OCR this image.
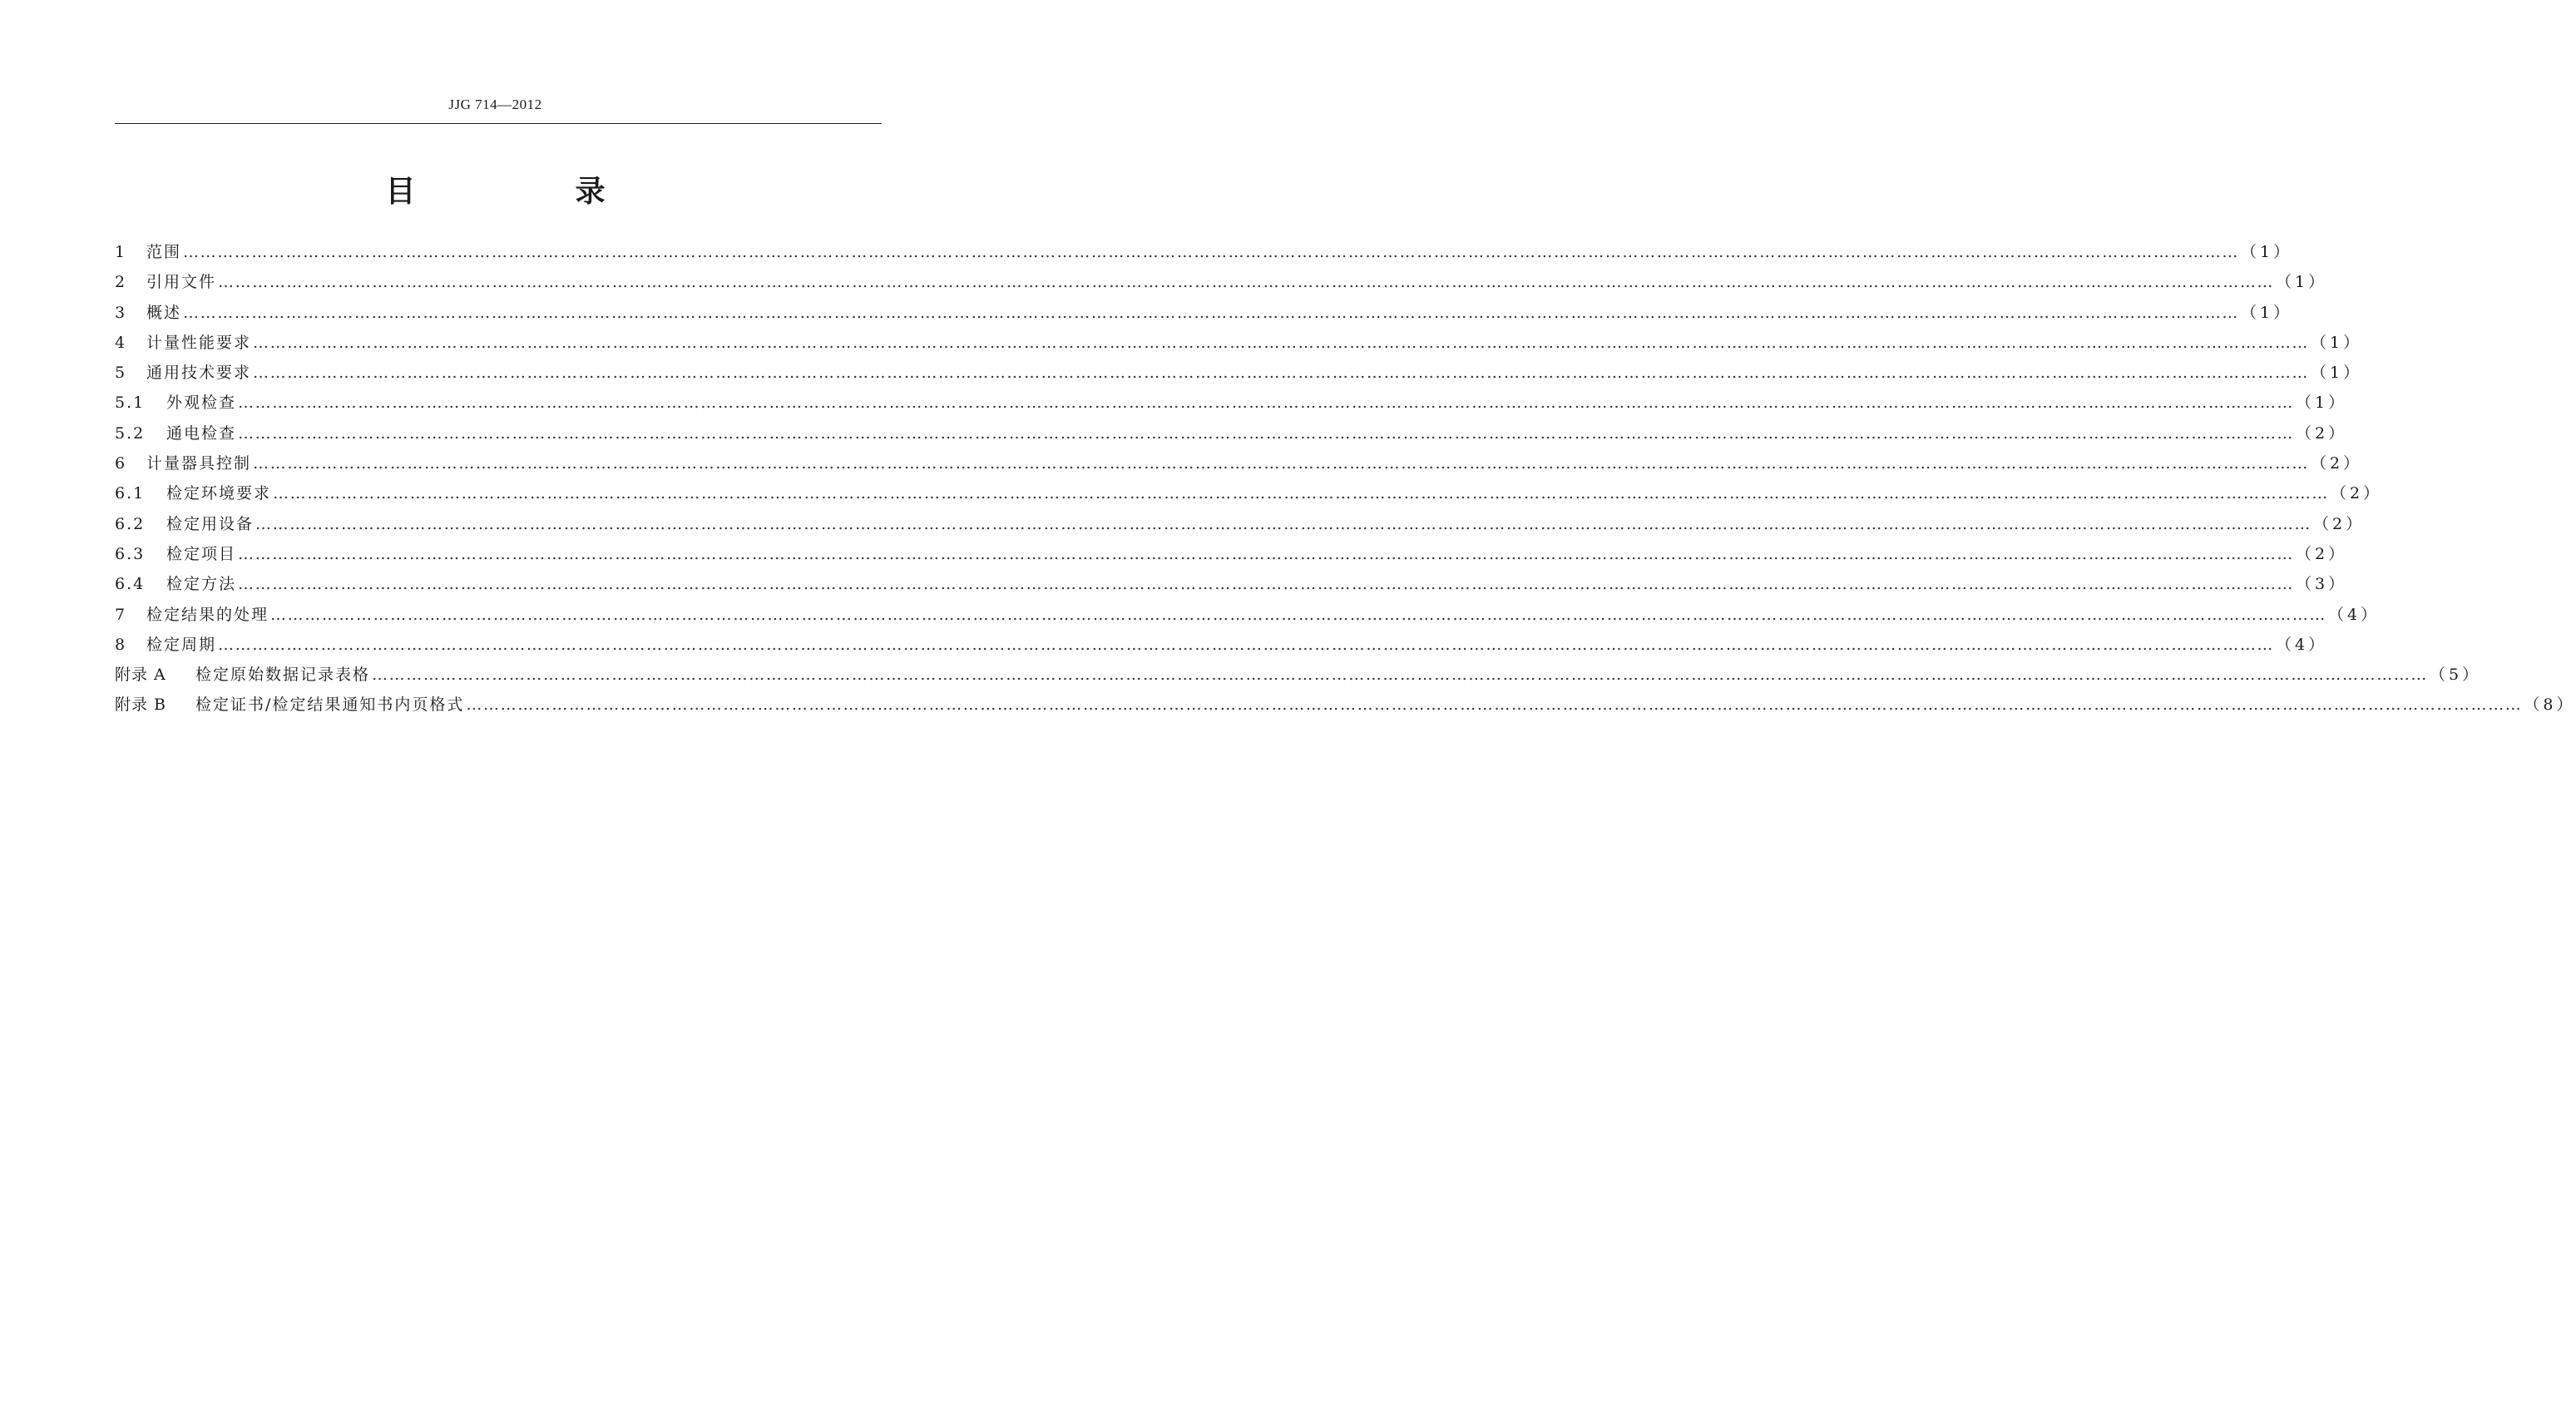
JJG 714—2012
目　录
1	范围 ……………………………………………………………………………………………………………………………………………………………………………………………………………………………………………………………………………………………………………………………… （1）
2	引用文件 ……………………………………………………………………………………………………………………………………………………………………………………………………………………………………………………………………………………………………………………………… （1）
3	概述 ……………………………………………………………………………………………………………………………………………………………………………………………………………………………………………………………………………………………………………………………… （1）
4	计量性能要求 ……………………………………………………………………………………………………………………………………………………………………………………………………………………………………………………………………………………………………………………………… （1）
5	通用技术要求 ……………………………………………………………………………………………………………………………………………………………………………………………………………………………………………………………………………………………………………………………… （1）
5.1	外观检查 ……………………………………………………………………………………………………………………………………………………………………………………………………………………………………………………………………………………………………………………………… （1）
5.2	通电检查 ……………………………………………………………………………………………………………………………………………………………………………………………………………………………………………………………………………………………………………………………… （2）
6	计量器具控制 ……………………………………………………………………………………………………………………………………………………………………………………………………………………………………………………………………………………………………………………………… （2）
6.1	检定环境要求 ……………………………………………………………………………………………………………………………………………………………………………………………………………………………………………………………………………………………………………………………… （2）
6.2	检定用设备 ……………………………………………………………………………………………………………………………………………………………………………………………………………………………………………………………………………………………………………………………… （2）
6.3	检定项目 ……………………………………………………………………………………………………………………………………………………………………………………………………………………………………………………………………………………………………………………………… （2）
6.4	检定方法 ……………………………………………………………………………………………………………………………………………………………………………………………………………………………………………………………………………………………………………………………… （3）
7	检定结果的处理 ……………………………………………………………………………………………………………………………………………………………………………………………………………………………………………………………………………………………………………………………… （4）
8	检定周期 ……………………………………………………………………………………………………………………………………………………………………………………………………………………………………………………………………………………………………………………………… （4）
附录 A	检定原始数据记录表格 ……………………………………………………………………………………………………………………………………………………………………………………………………………………………………………………………………………………………………………………………… （5）
附录 B	检定证书/检定结果通知书内页格式 ……………………………………………………………………………………………………………………………………………………………………………………………………………………………………………………………………………………………………………………………… （8）
